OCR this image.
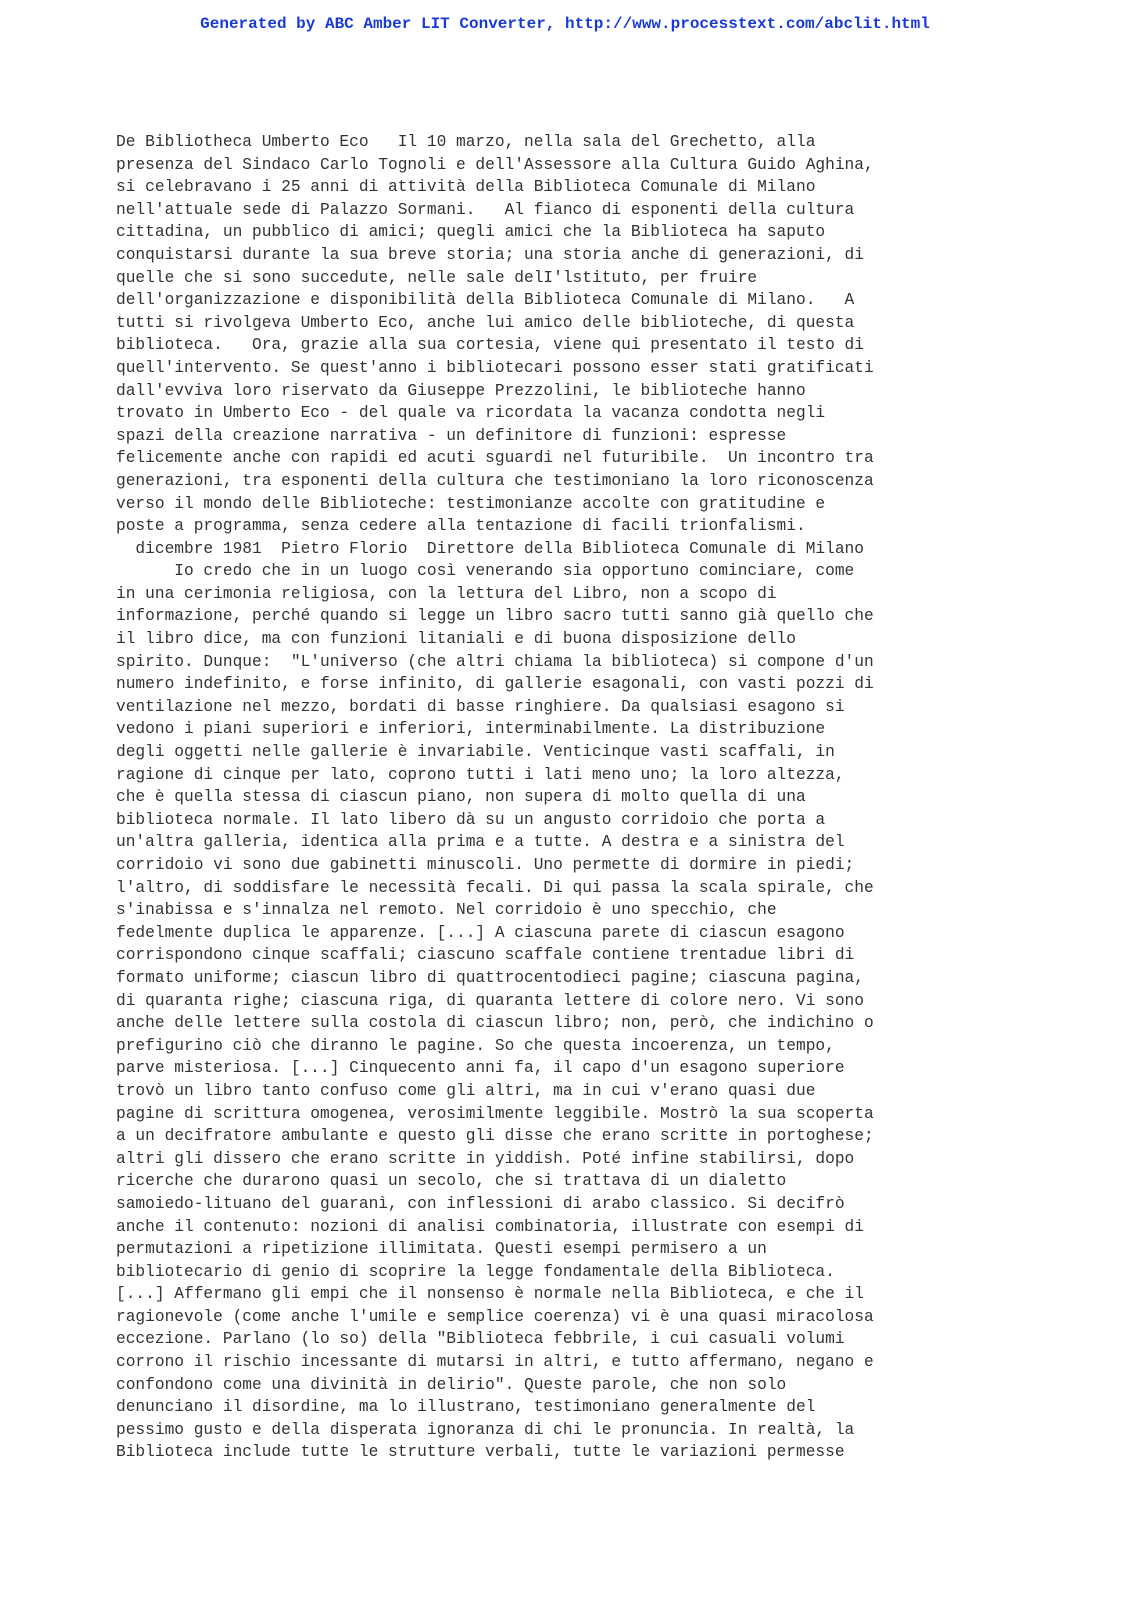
Generated by ABC Amber LIT Converter, http://www.processtext.com/abclit.html
De Bibliotheca Umberto Eco   Il 10 marzo, nella sala del Grechetto, alla
presenza del Sindaco Carlo Tognoli e dell'Assessore alla Cultura Guido Aghina,
si celebravano i 25 anni di attività della Biblioteca Comunale di Milano
nell'attuale sede di Palazzo Sormani.   Al fianco di esponenti della cultura
cittadina, un pubblico di amici; quegli amici che la Biblioteca ha saputo
conquistarsi durante la sua breve storia; una storia anche di generazioni, di
quelle che si sono succedute, nelle sale delI'lstituto, per fruire
dell'organizzazione e disponibilità della Biblioteca Comunale di Milano.   A
tutti si rivolgeva Umberto Eco, anche lui amico delle biblioteche, di questa
biblioteca.   Ora, grazie alla sua cortesia, viene qui presentato il testo di
quell'intervento. Se quest'anno i bibliotecari possono esser stati gratificati
dall'evviva loro riservato da Giuseppe Prezzolini, le biblioteche hanno
trovato in Umberto Eco - del quale va ricordata la vacanza condotta negli
spazi della creazione narrativa - un definitore di funzioni: espresse
felicemente anche con rapidi ed acuti sguardi nel futuribile.  Un incontro tra
generazioni, tra esponenti della cultura che testimoniano la loro riconoscenza
verso il mondo delle Biblioteche: testimonianze accolte con gratitudine e
poste a programma, senza cedere alla tentazione di facili trionfalismi.
dicembre 1981  Pietro Florio  Direttore della Biblioteca Comunale di Milano
Io credo che in un luogo così venerando sia opportuno cominciare, come
in una cerimonia religiosa, con la lettura del Libro, non a scopo di
informazione, perché quando si legge un libro sacro tutti sanno già quello che
il libro dice, ma con funzioni litaniali e di buona disposizione dello
spirito. Dunque:  "L'universo (che altri chiama la biblioteca) si compone d'un
numero indefinito, e forse infinito, di gallerie esagonali, con vasti pozzi di
ventilazione nel mezzo, bordati di basse ringhiere. Da qualsiasi esagono si
vedono i piani superiori e inferiori, interminabilmente. La distribuzione
degli oggetti nelle gallerie è invariabile. Venticinque vasti scaffali, in
ragione di cinque per lato, coprono tutti i lati meno uno; la loro altezza,
che è quella stessa di ciascun piano, non supera di molto quella di una
biblioteca normale. Il lato libero dà su un angusto corridoio che porta a
un'altra galleria, identica alla prima e a tutte. A destra e a sinistra del
corridoio vi sono due gabinetti minuscoli. Uno permette di dormire in piedi;
l'altro, di soddisfare le necessità fecali. Di qui passa la scala spirale, che
s'inabissa e s'innalza nel remoto. Nel corridoio è uno specchio, che
fedelmente duplica le apparenze. [...] A ciascuna parete di ciascun esagono
corrispondono cinque scaffali; ciascuno scaffale contiene trentadue libri di
formato uniforme; ciascun libro di quattrocentodieci pagine; ciascuna pagina,
di quaranta righe; ciascuna riga, di quaranta lettere di colore nero. Vi sono
anche delle lettere sulla costola di ciascun libro; non, però, che indichino o
prefigurino ciò che diranno le pagine. So che questa incoerenza, un tempo,
parve misteriosa. [...] Cinquecento anni fa, il capo d'un esagono superiore
trovò un libro tanto confuso come gli altri, ma in cui v'erano quasi due
pagine di scrittura omogenea, verosimilmente leggibile. Mostrò la sua scoperta
a un decifratore ambulante e questo gli disse che erano scritte in portoghese;
altri gli dissero che erano scritte in yiddish. Poté infine stabilirsi, dopo
ricerche che durarono quasi un secolo, che si trattava di un dialetto
samoiedo-lituano del guaranì, con inflessioni di arabo classico. Si decifrò
anche il contenuto: nozioni di analisi combinatoria, illustrate con esempi di
permutazioni a ripetizione illimitata. Questi esempi permisero a un
bibliotecario di genio di scoprire la legge fondamentale della Biblioteca.
[...] Affermano gli empi che il nonsenso è normale nella Biblioteca, e che il
ragionevole (come anche l'umile e semplice coerenza) vi è una quasi miracolosa
eccezione. Parlano (lo so) della "Biblioteca febbrile, i cui casuali volumi
corrono il rischio incessante di mutarsi in altri, e tutto affermano, negano e
confondono come una divinità in delirio". Queste parole, che non solo
denunciano il disordine, ma lo illustrano, testimoniano generalmente del
pessimo gusto e della disperata ignoranza di chi le pronuncia. In realtà, la
Biblioteca include tutte le strutture verbali, tutte le variazioni permesse
